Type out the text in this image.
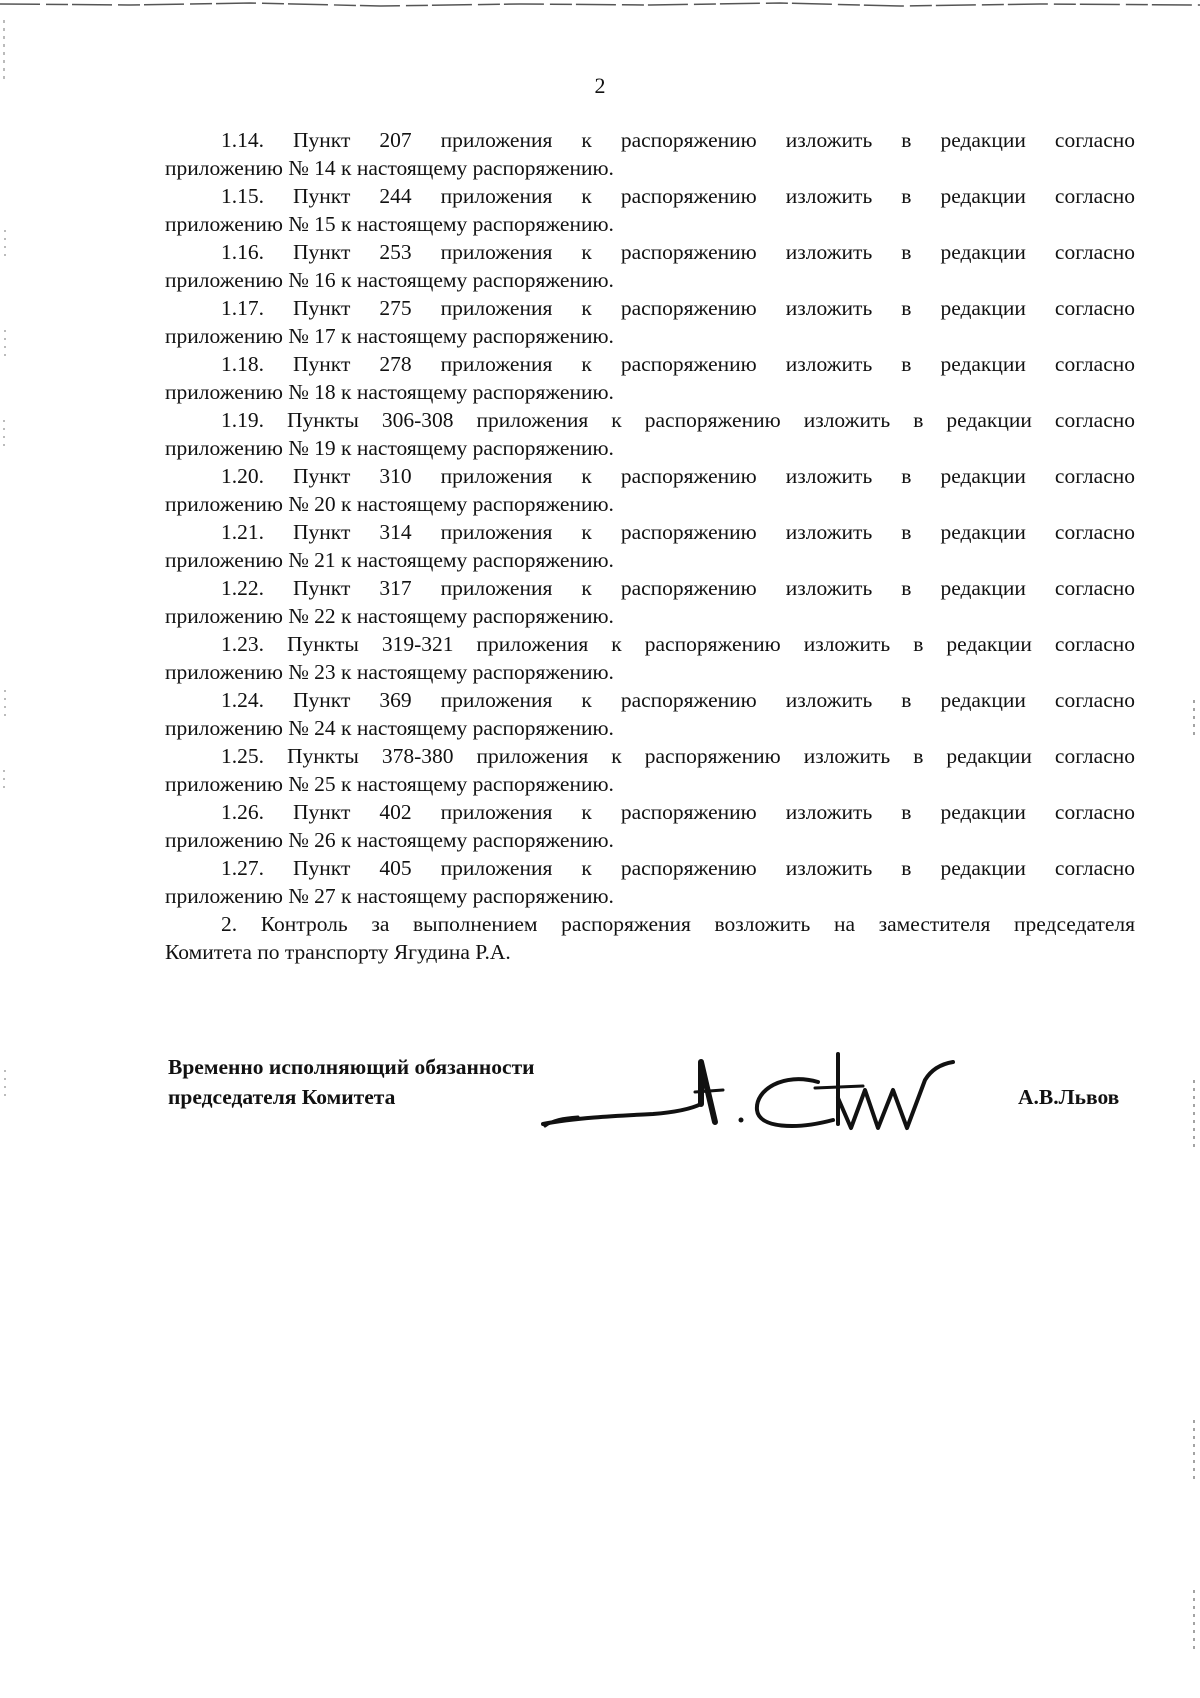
2

1.14. Пункт 207 приложения к распоряжению изложить в редакции согласно

приложению № 14 к настоящему распоряжению.

1.15. Пункт 244 приложения к распоряжению изложить в редакции согласно

приложению № 15 к настоящему распоряжению.

1.16. Пункт 253 приложения к распоряжению изложить в редакции согласно

приложению № 16 к настоящему распоряжению.

1.17. Пункт 275 приложения к распоряжению изложить в редакции согласно

приложению № 17 к настоящему распоряжению.

1.18. Пункт 278 приложения к распоряжению изложить в редакции согласно

приложению № 18 к настоящему распоряжению.

1.19. Пункты 306-308 приложения к распоряжению изложить в редакции согласно

приложению № 19 к настоящему распоряжению.

1.20. Пункт 310 приложения к распоряжению изложить в редакции согласно

приложению № 20 к настоящему распоряжению.

1.21. Пункт 314 приложения к распоряжению изложить в редакции согласно

приложению № 21 к настоящему распоряжению.

1.22. Пункт 317 приложения к распоряжению изложить в редакции согласно

приложению № 22 к настоящему распоряжению.

1.23. Пункты 319-321 приложения к распоряжению изложить в редакции согласно

приложению № 23 к настоящему распоряжению.

1.24. Пункт 369 приложения к распоряжению изложить в редакции согласно

приложению № 24 к настоящему распоряжению.

1.25. Пункты 378-380 приложения к распоряжению изложить в редакции согласно

приложению № 25 к настоящему распоряжению.

1.26. Пункт 402 приложения к распоряжению изложить в редакции согласно

приложению № 26 к настоящему распоряжению.

1.27. Пункт 405 приложения к распоряжению изложить в редакции согласно

приложению № 27 к настоящему распоряжению.

2. Контроль за выполнением распоряжения возложить на заместителя председателя

Комитета по транспорту Ягудина Р.А.

Временно исполняющий обязанности
председателя Комитета	А.В.Львов
